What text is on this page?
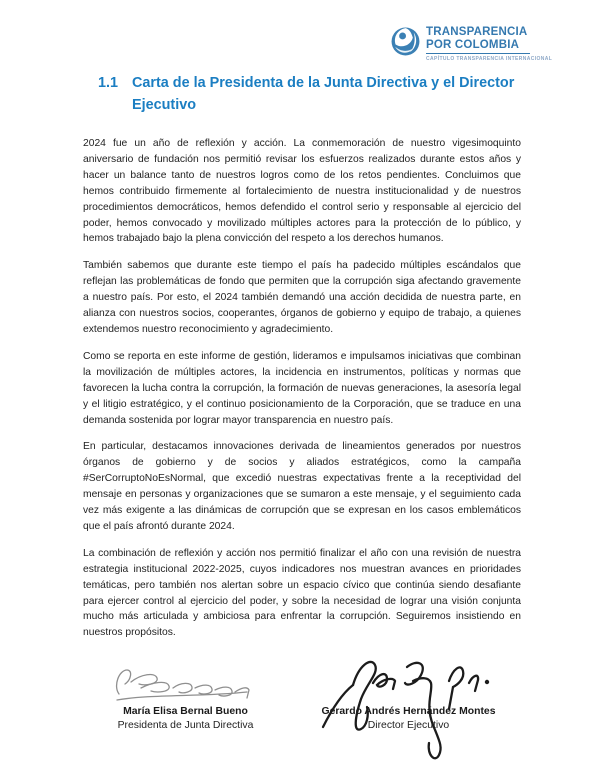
TRANSPARENCIA
POR COLOMBIA
CAPÍTULO TRANSPARENCIA INTERNACIONAL
1.1 Carta de la Presidenta de la Junta Directiva y el Director
Ejecutivo

2024 fue un año de reflexión y acción. La conmemoración de nuestro vigesimoquinto aniversario de fundación nos permitió revisar los esfuerzos realizados durante estos años y hacer un balance tanto de nuestros logros como de los retos pendientes. Concluimos que hemos contribuido firmemente al fortalecimiento de nuestra institucionalidad y de nuestros procedimientos democráticos, hemos defendido el control serio y responsable al ejercicio del poder, hemos convocado y movilizado múltiples actores para la protección de lo público, y hemos trabajado bajo la plena convicción del respeto a los derechos humanos.

También sabemos que durante este tiempo el país ha padecido múltiples escándalos que reflejan las problemáticas de fondo que permiten que la corrupción siga afectando gravemente a nuestro país. Por esto, el 2024 también demandó una acción decidida de nuestra parte, en alianza con nuestros socios, cooperantes, órganos de gobierno y equipo de trabajo, a quienes extendemos nuestro reconocimiento y agradecimiento.

Como se reporta en este informe de gestión, lideramos e impulsamos iniciativas que combinan la movilización de múltiples actores, la incidencia en instrumentos, políticas y normas que favorecen la lucha contra la corrupción, la formación de nuevas generaciones, la asesoría legal y el litigio estratégico, y el continuo posicionamiento de la Corporación, que se traduce en una demanda sostenida por lograr mayor transparencia en nuestro país.

En particular, destacamos innovaciones derivada de lineamientos generados por nuestros órganos de gobierno y de socios y aliados estratégicos, como la campaña #SerCorruptoNoEsNormal, que excedió nuestras expectativas frente a la receptividad del mensaje en personas y organizaciones que se sumaron a este mensaje, y el seguimiento cada vez más exigente a las dinámicas de corrupción que se expresan en los casos emblemáticos que el país afrontó durante 2024.

La combinación de reflexión y acción nos permitió finalizar el año con una revisión de nuestra estrategia institucional 2022-2025, cuyos indicadores nos muestran avances en prioridades temáticas, pero también nos alertan sobre un espacio cívico que continúa siendo desafiante para ejercer control al ejercicio del poder, y sobre la necesidad de lograr una visión conjunta mucho más articulada y ambiciosa para enfrentar la corrupción. Seguiremos insistiendo en nuestros propósitos.

María Elisa Bernal Bueno
Presidenta de Junta Directiva
Gerardo Andrés Hernández Montes
Director Ejecutivo
